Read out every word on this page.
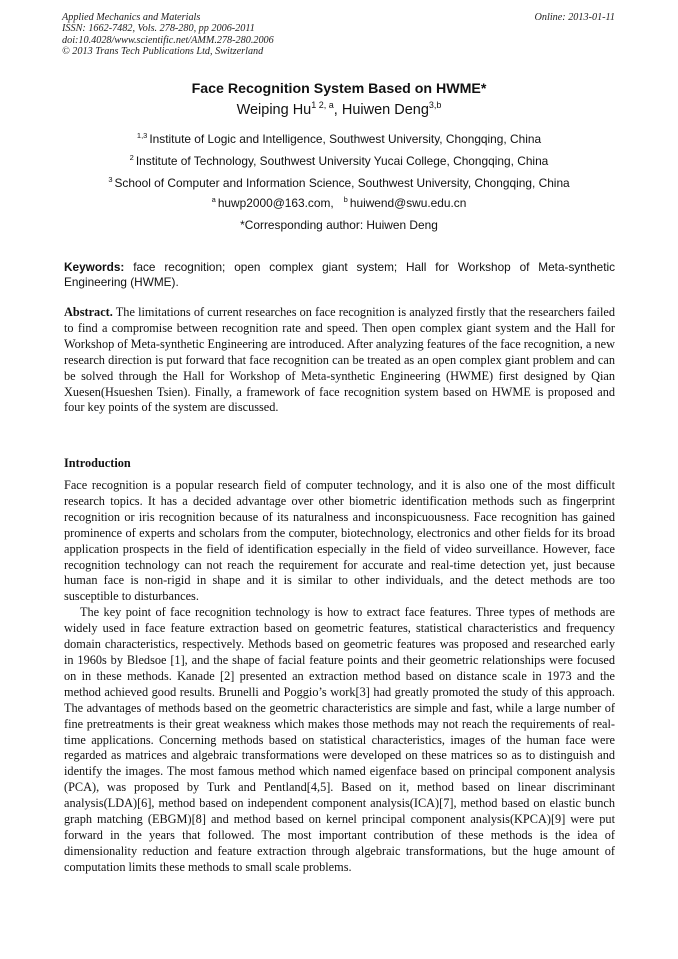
Applied Mechanics and Materials
ISSN: 1662-7482, Vols. 278-280, pp 2006-2011
doi:10.4028/www.scientific.net/AMM.278-280.2006
© 2013 Trans Tech Publications Ltd, Switzerland
Online: 2013-01-11
Face Recognition System Based on HWME*
Weiping $Hu^{1 2, a}$, Huiwen Deng$^{3,b}$
$^{1,3}$ Institute of Logic and Intelligence, Southwest University, Chongqing, China
$^2$ Institute of Technology, Southwest University Yucai College, Chongqing, China
$^3$ School of Computer and Information Science, Southwest University, Chongqing, China
$^a$ huwp2000@163.com, $^b$ huiwend@swu.edu.cn
*Corresponding author: Huiwen Deng
Keywords: face recognition; open complex giant system; Hall for Workshop of Meta-synthetic Engineering (HWME).
Abstract. The limitations of current researches on face recognition is analyzed firstly that the researchers failed to find a compromise between recognition rate and speed. Then open complex giant system and the Hall for Workshop of Meta-synthetic Engineering are introduced. After analyzing features of the face recognition, a new research direction is put forward that face recognition can be treated as an open complex giant problem and can be solved through the Hall for Workshop of Meta-synthetic Engineering (HWME) first designed by Qian Xuesen(Hsueshen Tsien). Finally, a framework of face recognition system based on HWME is proposed and four key points of the system are discussed.
Introduction

Face recognition is a popular research field of computer technology, and it is also one of the most difficult research topics. It has a decided advantage over other biometric identification methods such as fingerprint recognition or iris recognition because of its naturalness and inconspicuousness. Face recognition has gained prominence of experts and scholars from the computer, biotechnology, electronics and other fields for its broad application prospects in the field of identification especially in the field of video surveillance. However, face recognition technology can not reach the requirement for accurate and real-time detection yet, just because human face is non-rigid in shape and it is similar to other individuals, and the detect methods are too susceptible to disturbances.

The key point of face recognition technology is how to extract face features. Three types of methods are widely used in face feature extraction based on geometric features, statistical characteristics and frequency domain characteristics, respectively. Methods based on geometric features was proposed and researched early in 1960s by Bledsoe [1], and the shape of facial feature points and their geometric relationships were focused on in these methods. Kanade [2] presented an extraction method based on distance scale in 1973 and the method achieved good results. Brunelli and Poggio’s work[3] had greatly promoted the study of this approach. The advantages of methods based on the geometric characteristics are simple and fast, while a large number of fine pretreatments is their great weakness which makes those methods may not reach the requirements of real-time applications. Concerning methods based on statistical characteristics, images of the human face were regarded as matrices and algebraic transformations were developed on these matrices so as to distinguish and identify the images. The most famous method which named eigenface based on principal component analysis (PCA), was proposed by Turk and Pentland[4,5]. Based on it, method based on linear discriminant analysis(LDA)[6], method based on independent component analysis(ICA)[7], method based on elastic bunch graph matching (EBGM)[8] and method based on kernel principal component analysis(KPCA)[9] were put forward in the years that followed. The most important contribution of these methods is the idea of dimensionality reduction and feature extraction through algebraic transformations, but the huge amount of computation limits these methods to small scale problems.
